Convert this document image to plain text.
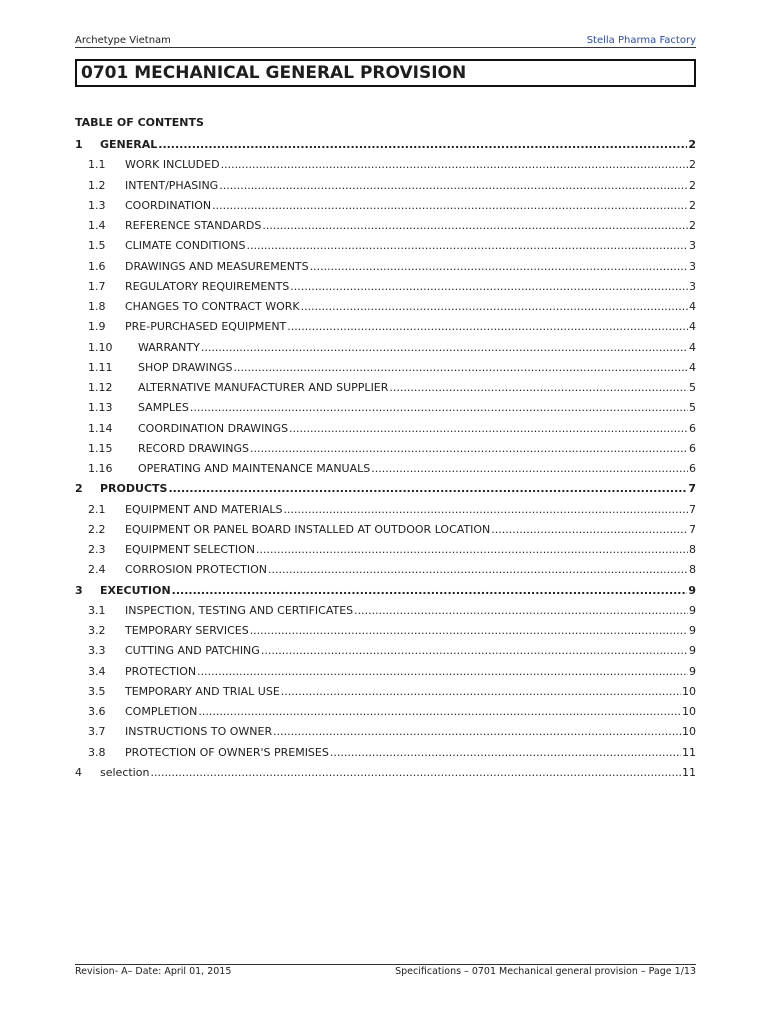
Archetype Vietnam	Stella Pharma Factory
0701 MECHANICAL GENERAL PROVISION
TABLE OF CONTENTS
1	GENERAL .....	2
1.1	WORK INCLUDED .....	2
1.2	INTENT/PHASING .....	2
1.3	COORDINATION .....	2
1.4	REFERENCE STANDARDS .....	2
1.5	CLIMATE CONDITIONS .....	3
1.6	DRAWINGS AND MEASUREMENTS .....	3
1.7	REGULATORY REQUIREMENTS .....	3
1.8	CHANGES TO CONTRACT WORK .....	4
1.9	PRE-PURCHASED EQUIPMENT .....	4
1.10	WARRANTY .....	4
1.11	SHOP DRAWINGS .....	4
1.12	ALTERNATIVE MANUFACTURER AND SUPPLIER .....	5
1.13	SAMPLES .....	5
1.14	COORDINATION DRAWINGS .....	6
1.15	RECORD DRAWINGS .....	6
1.16	OPERATING AND MAINTENANCE MANUALS .....	6
2	PRODUCTS .....	7
2.1	EQUIPMENT AND MATERIALS .....	7
2.2	EQUIPMENT OR PANEL BOARD INSTALLED AT OUTDOOR LOCATION .....	7
2.3	EQUIPMENT SELECTION .....	8
2.4	CORROSION PROTECTION .....	8
3	EXECUTION .....	9
3.1	INSPECTION, TESTING AND CERTIFICATES .....	9
3.2	TEMPORARY SERVICES .....	9
3.3	CUTTING AND PATCHING .....	9
3.4	PROTECTION .....	9
3.5	TEMPORARY AND TRIAL USE .....	10
3.6	COMPLETION .....	10
3.7	INSTRUCTIONS TO OWNER .....	10
3.8	PROTECTION OF OWNER'S PREMISES .....	11
4	selection .....	11
Revision- A– Date: April 01, 2015	Specifications – 0701 Mechanical general provision – Page 1/13
